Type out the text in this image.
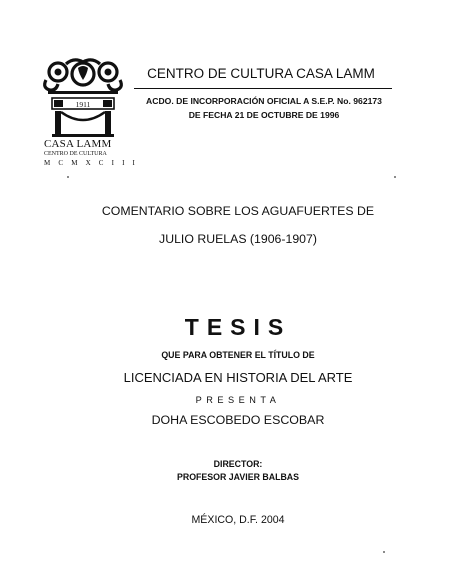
1911
CASA LAMM
CENTRO DE CULTURA
M C M X C I I I
CENTRO DE CULTURA CASA LAMM
ACDO. DE INCORPORACIÓN OFICIAL A S.E.P. No. 962173
DE FECHA 21 DE OCTUBRE DE 1996
COMENTARIO SOBRE LOS AGUAFUERTES DE
JULIO RUELAS (1906-1907)
TESIS
QUE PARA OBTENER EL TÍTULO DE
LICENCIADA EN HISTORIA DEL ARTE
PRESENTA
DOHA ESCOBEDO ESCOBAR
DIRECTOR:
PROFESOR JAVIER BALBAS
MÉXICO, D.F. 2004
